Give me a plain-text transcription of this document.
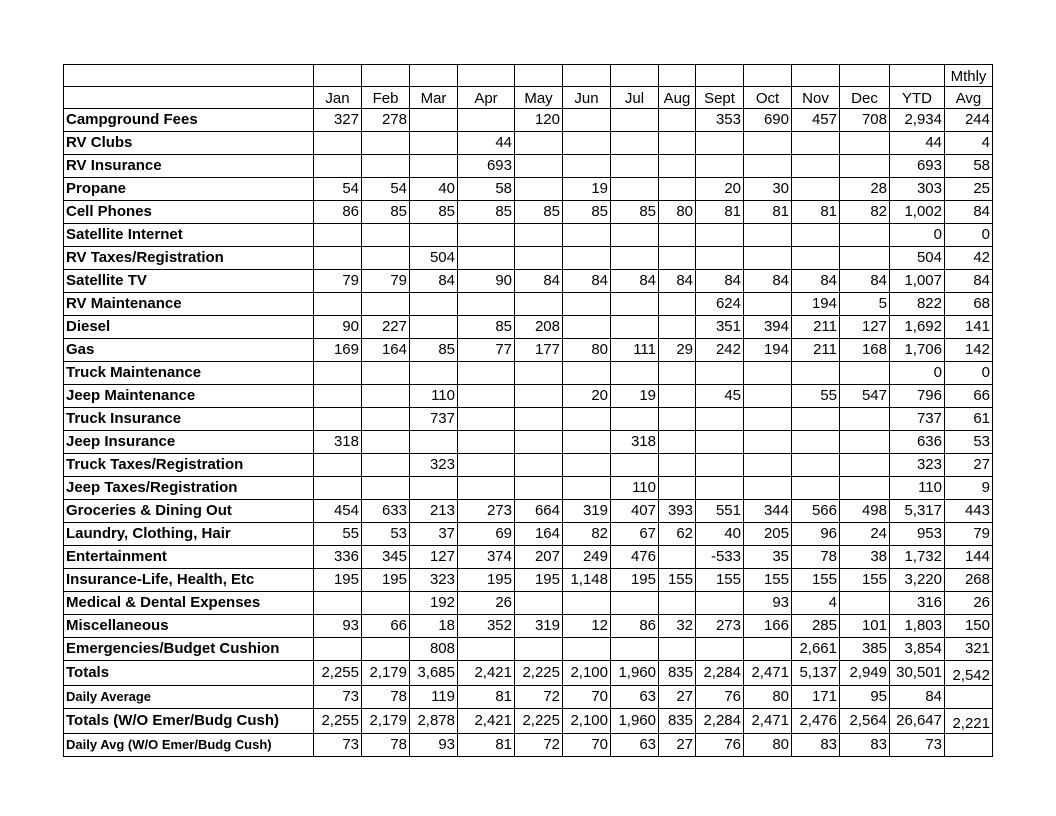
														Mthly
	Jan	Feb	Mar	Apr	May	Jun	Jul	Aug	Sept	Oct	Nov	Dec	YTD	Avg
Campground Fees	327	278			120				353	690	457	708	2,934	244
RV Clubs				44									44	4
RV Insurance				693									693	58
Propane	54	54	40	58		19			20	30		28	303	25
Cell Phones	86	85	85	85	85	85	85	80	81	81	81	82	1,002	84
Satellite Internet													0	0
RV Taxes/Registration			504										504	42
Satellite TV	79	79	84	90	84	84	84	84	84	84	84	84	1,007	84
RV Maintenance									624		194	5	822	68
Diesel	90	227		85	208				351	394	211	127	1,692	141
Gas	169	164	85	77	177	80	111	29	242	194	211	168	1,706	142
Truck Maintenance													0	0
Jeep Maintenance			110			20	19		45		55	547	796	66
Truck Insurance			737										737	61
Jeep Insurance	318						318						636	53
Truck Taxes/Registration			323										323	27
Jeep Taxes/Registration							110						110	9
Groceries & Dining Out	454	633	213	273	664	319	407	393	551	344	566	498	5,317	443
Laundry, Clothing, Hair	55	53	37	69	164	82	67	62	40	205	96	24	953	79
Entertainment	336	345	127	374	207	249	476		-533	35	78	38	1,732	144
Insurance-Life, Health, Etc	195	195	323	195	195	1,148	195	155	155	155	155	155	3,220	268
Medical & Dental Expenses			192	26						93	4		316	26
Miscellaneous	93	66	18	352	319	12	86	32	273	166	285	101	1,803	150
Emergencies/Budget Cushion			808								2,661	385	3,854	321
Totals	2,255	2,179	3,685	2,421	2,225	2,100	1,960	835	2,284	2,471	5,137	2,949	30,501	2,542
Daily Average	73	78	119	81	72	70	63	27	76	80	171	95	84	
Totals (W/O Emer/Budg Cush)	2,255	2,179	2,878	2,421	2,225	2,100	1,960	835	2,284	2,471	2,476	2,564	26,647	2,221
Daily Avg (W/O Emer/Budg Cush)	73	78	93	81	72	70	63	27	76	80	83	83	73	
